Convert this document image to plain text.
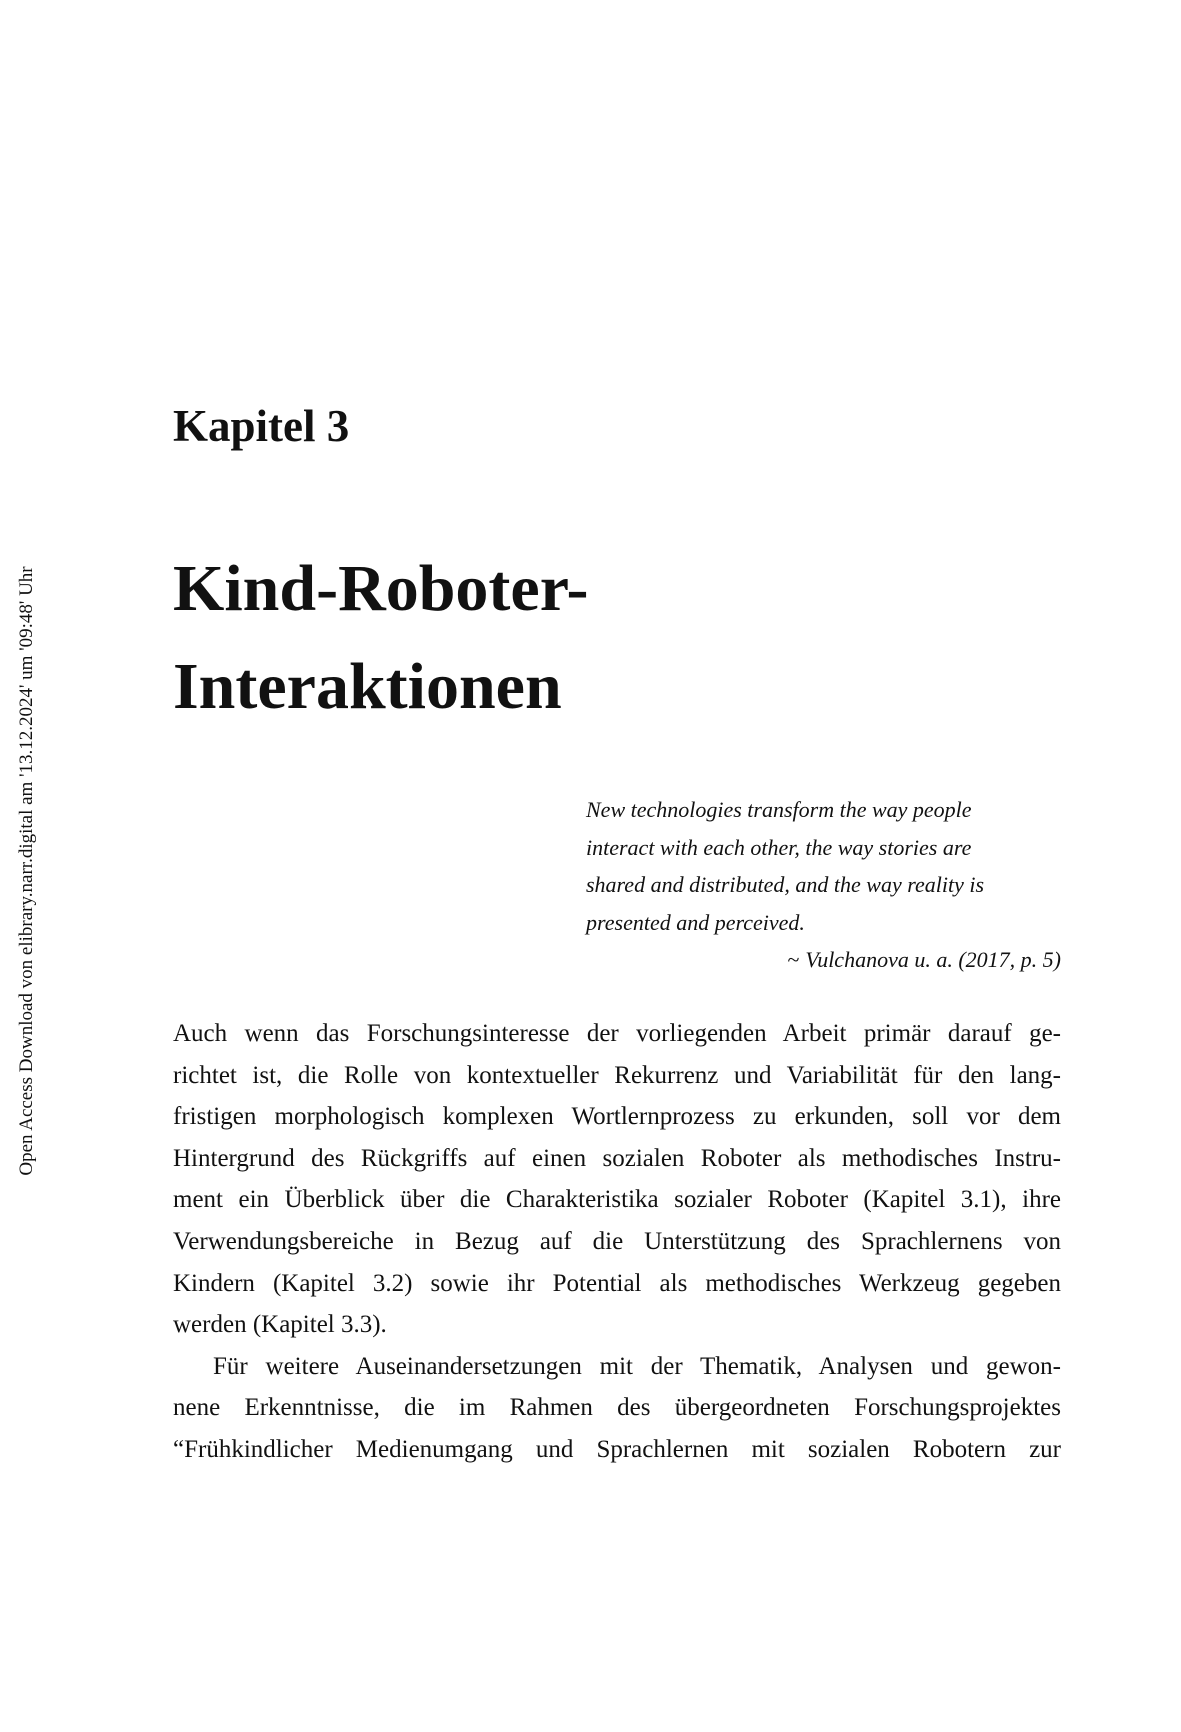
Open Access Download von elibrary.narr.digital am '13.12.2024' um '09:48' Uhr
Kapitel 3
Kind-Roboter-
Interaktionen
New technologies transform the way people
interact with each other, the way stories are
shared and distributed, and the way reality is
presented and perceived.
~ Vulchanova u. a. (2017, p. 5)
Auch wenn das Forschungsinteresse der vorliegenden Arbeit primär darauf ge-
richtet ist, die Rolle von kontextueller Rekurrenz und Variabilität für den lang-
fristigen morphologisch komplexen Wortlernprozess zu erkunden, soll vor dem
Hintergrund des Rückgriffs auf einen sozialen Roboter als methodisches Instru-
ment ein Überblick über die Charakteristika sozialer Roboter (Kapitel 3.1), ihre
Verwendungsbereiche in Bezug auf die Unterstützung des Sprachlernens von
Kindern (Kapitel 3.2) sowie ihr Potential als methodisches Werkzeug gegeben
werden (Kapitel 3.3).
Für weitere Auseinandersetzungen mit der Thematik, Analysen und gewon-
nene Erkenntnisse, die im Rahmen des übergeordneten Forschungsprojektes
“Frühkindlicher Medienumgang und Sprachlernen mit sozialen Robotern zur
